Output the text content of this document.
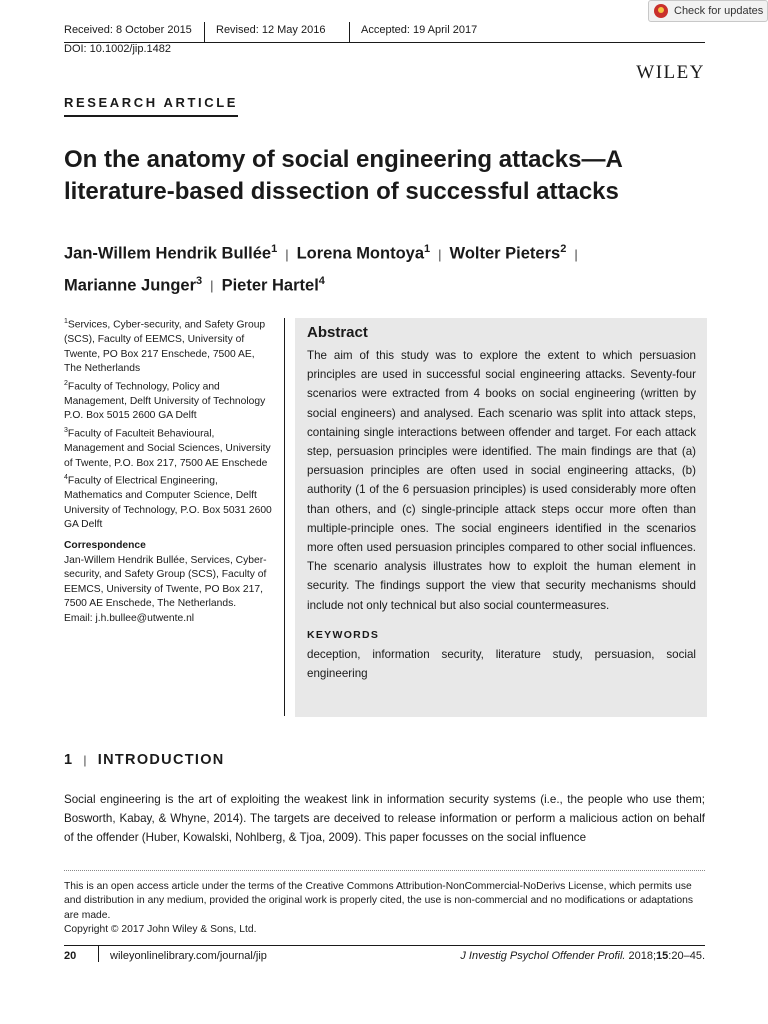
Received: 8 October 2015	Revised: 12 May 2016	Accepted: 19 April 2017
DOI: 10.1002/jip.1482
WILEY
Check for updates
RESEARCH ARTICLE
On the anatomy of social engineering attacks—A
literature-based dissection of successful attacks
Jan-Willem Hendrik Bullée$^1$ | Lorena Montoya$^1$ | Wolter Pieters$^2$ |
Marianne Junger$^3$ | Pieter Hartel$^4$

$^1$Services, Cyber-security, and Safety Group (SCS), Faculty of EEMCS, University of Twente, PO Box 217 Enschede, 7500 AE, The Netherlands

$^2$Faculty of Technology, Policy and Management, Delft University of Technology P.O. Box 5015 2600 GA Delft

$^3$Faculty of Faculteit Behavioural, Management and Social Sciences, University of Twente, P.O. Box 217, 7500 AE Enschede

$^4$Faculty of Electrical Engineering, Mathematics and Computer Science, Delft University of Technology, P.O. Box 5031 2600 GA Delft

Correspondence

Jan-Willem Hendrik Bullée, Services, Cyber-security, and Safety Group (SCS), Faculty of EEMCS, University of Twente, PO Box 217, 7500 AE Enschede, The Netherlands.

Email: j.h.bullee@utwente.nl

Abstract

The aim of this study was to explore the extent to which persuasion principles are used in successful social engineering attacks. Seventy-four scenarios were extracted from 4 books on social engineering (written by social engineers) and analysed. Each scenario was split into attack steps, containing single interactions between offender and target. For each attack step, persuasion principles were identified. The main findings are that (a) persuasion principles are often used in social engineering attacks, (b) authority (1 of the 6 persuasion principles) is used considerably more often than others, and (c) single-principle attack steps occur more often than multiple-principle ones. The social engineers identified in the scenarios more often used persuasion principles compared to other social influences. The scenario analysis illustrates how to exploit the human element in security. The findings support the view that security mechanisms should include not only technical but also social countermeasures.

KEYWORDS

deception, information security, literature study, persuasion, social engineering

1 | INTRODUCTION

Social engineering is the art of exploiting the weakest link in information security systems (i.e., the people who use them; Bosworth, Kabay, & Whyne, 2014). The targets are deceived to release information or perform a malicious action on behalf of the offender (Huber, Kowalski, Nohlberg, & Tjoa, 2009). This paper focusses on the social influence

This is an open access article under the terms of the Creative Commons Attribution-NonCommercial-NoDerivs License, which permits use and distribution in any medium, provided the original work is properly cited, the use is non-commercial and no modifications or adaptations are made.

Copyright © 2017 John Wiley & Sons, Ltd.

20	wileyonlinelibrary.com/journal/jip	J Investig Psychol Offender Profil. 2018;15:20–45.
